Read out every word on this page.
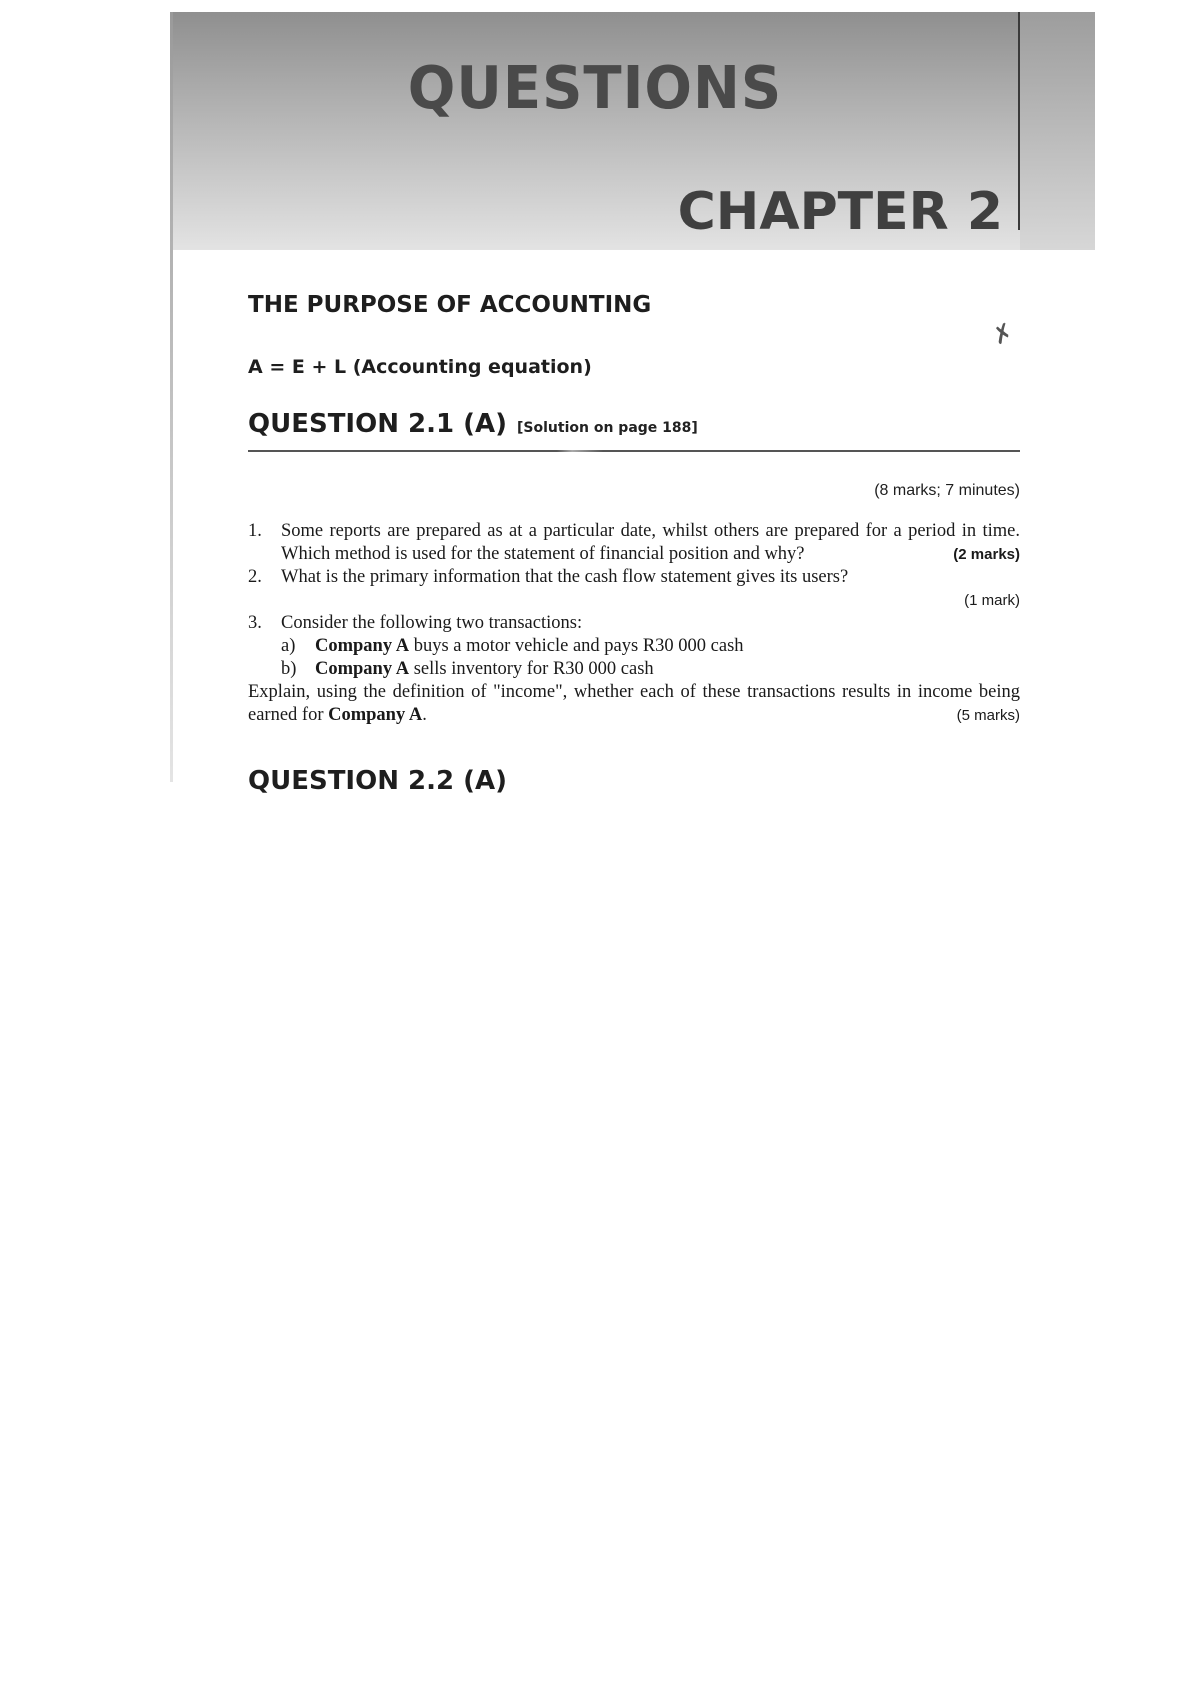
QUESTIONS
CHAPTER 2
THE PURPOSE OF ACCOUNTING
✗
A = E + L (Accounting equation)
QUESTION 2.1 (A) [Solution on page 188]
(8 marks; 7 minutes)
1.	Some reports are prepared as at a particular date, whilst others are prepared for a period in time. Which method is used for the statement of financial position and why?	(2 marks)
2.	What is the primary information that the cash flow statement gives its users?
(1 mark)
3.	Consider the following two transactions:
a)	Company A buys a motor vehicle and pays R30 000 cash
b)	Company A sells inventory for R30 000 cash
Explain, using the definition of "income", whether each of these transactions results in income being earned for Company A.	(5 marks)
QUESTION 2.2 (A)
